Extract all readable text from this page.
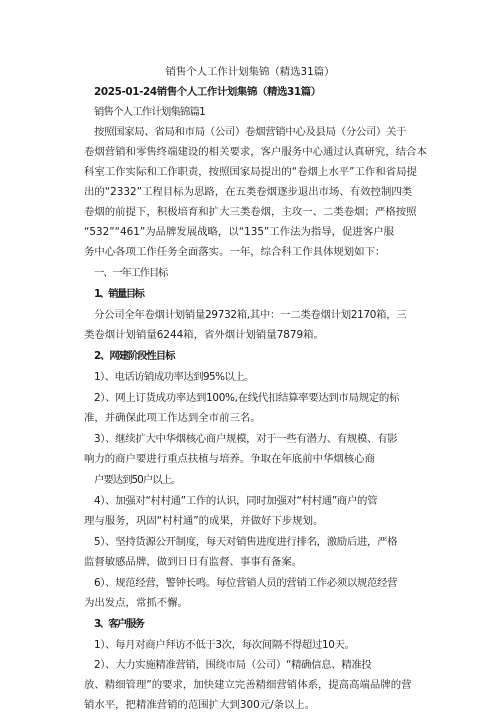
销售个人工作计划集锦（精选31篇）
2025-01-24销售个人工作计划集锦（精选31篇）
销售个人工作计划集锦篇1
按照国家局、省局和市局（公司）卷烟营销中心及县局（分公司）关于
卷烟营销和零售终端建设的相关要求，客户服务中心通过认真研究，结合本
科室工作实际和工作职责，按照国家局提出的“卷烟上水平”工作和省局提
出的“2332”工程目标为思路，在五类卷烟逐步退出市场、有效控制四类
卷烟的前提下，积极培育和扩大三类卷烟，主攻一、二类卷烟；严格按照
“532”“461”为品牌发展战略，以“135”工作法为指导，促进客户服
务中心各项工作任务全面落实。一年，综合科工作具体规划如下：
一、一年工作目标
1、销量目标
分公司全年卷烟计划销量29732箱,其中：一二类卷烟计划2170箱，三
类卷烟计划销量6244箱，省外烟计划销量7879箱。
2、网建阶段性目标
1）、电话访销成功率达到95%以上。
2）、网上订货成功率达到100%,在线代扣结算率要达到市局规定的标
准，并确保此项工作达到全市前三名。
3）、继续扩大中华烟核心商户规模，对于一些有潜力、有规模、有影
响力的商户要进行重点扶植与培养。争取在年底前中华烟核心商
户要达到50户以上。
4）、加强对“村村通”工作的认识，同时加强对“村村通”商户的管
理与服务，巩固“村村通”的成果，并做好下步规划。
5）、坚持货源公开制度，每天对销售进度进行排名，激励后进，严格
监督敏感品牌，做到日日有监督、事事有备案。
6）、规范经营，警钟长鸣。每位营销人员的营销工作必须以规范经营
为出发点，常抓不懈。
3、客户服务
1）、每月对商户拜访不低于3次，每次间隔不得超过10天。
2）、大力实施精准营销，围绕市局（公司）“精确信息、精准投
放、精细管理”的要求，加快建立完善精细营销体系，提高高端品牌的营
销水平，把精准营销的范围扩大到300元/条以上。
